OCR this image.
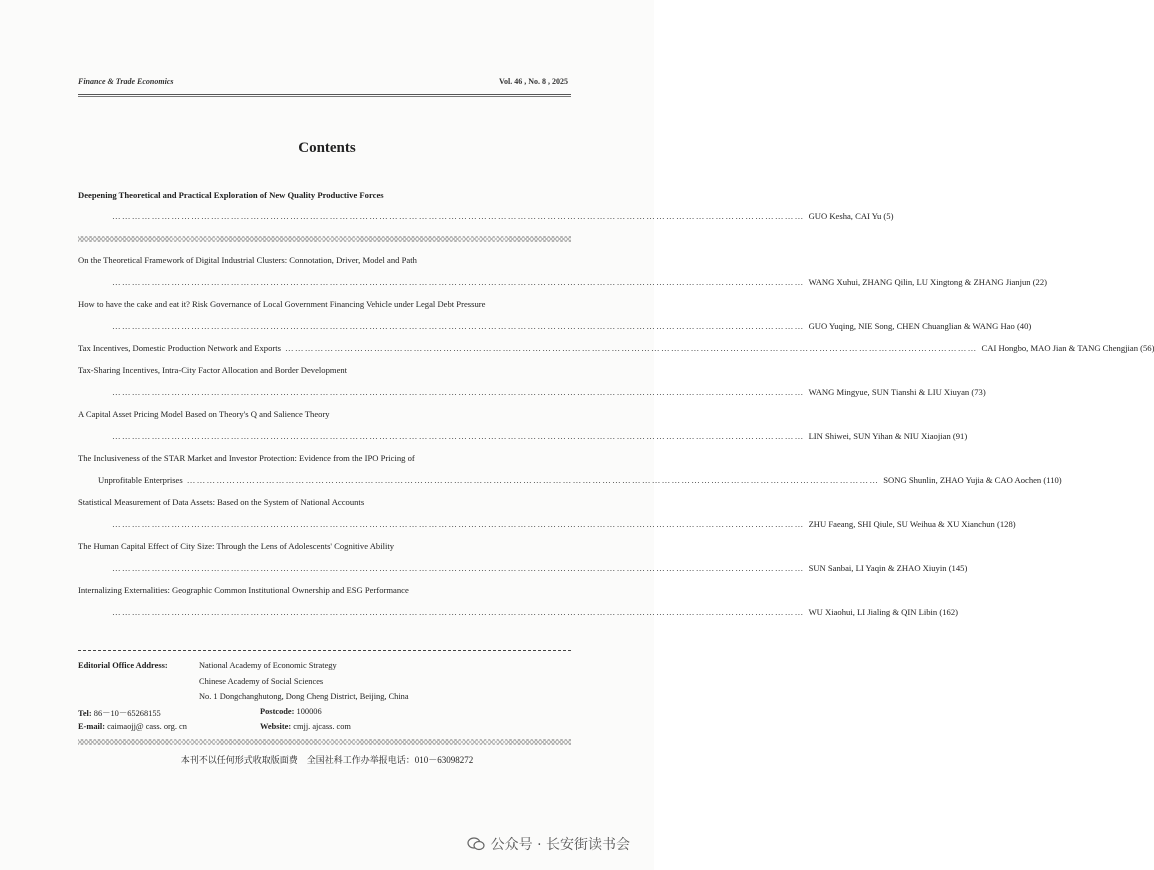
Finance & Trade Economics	Vol. 46 , No. 8 , 2025
Contents
Deepening Theoretical and Practical Exploration of New Quality Productive Forces
………………………………………………………………………………………………………………………………………………………………………………………… GUO Kesha, CAI Yu (5)
On the Theoretical Framework of Digital Industrial Clusters: Connotation, Driver, Model and Path
………………………………………………………………………………………………………………………………………………………………………………………… WANG Xuhui, ZHANG Qilin, LU Xingtong & ZHANG Jianjun (22)
How to have the cake and eat it? Risk Governance of Local Government Financing Vehicle under Legal Debt Pressure
………………………………………………………………………………………………………………………………………………………………………………………… GUO Yuqing, NIE Song, CHEN Chuanglian & WANG Hao (40)
Tax Incentives, Domestic Production Network and Exports ………………………………………………………………………………………………………………………………………………………………………………………… CAI Hongbo, MAO Jian & TANG Chengjian (56)
Tax-Sharing Incentives, Intra-City Factor Allocation and Border Development
………………………………………………………………………………………………………………………………………………………………………………………… WANG Mingyue, SUN Tianshi & LIU Xiuyan (73)
A Capital Asset Pricing Model Based on Theory's Q and Salience Theory
………………………………………………………………………………………………………………………………………………………………………………………… LIN Shiwei, SUN Yihan & NIU Xiaojian (91)
The Inclusiveness of the STAR Market and Investor Protection: Evidence from the IPO Pricing of
Unprofitable Enterprises ………………………………………………………………………………………………………………………………………………………………………………………… SONG Shunlin, ZHAO Yujia & CAO Aochen (110)
Statistical Measurement of Data Assets: Based on the System of National Accounts
………………………………………………………………………………………………………………………………………………………………………………………… ZHU Faeang, SHI Qiule, SU Weihua & XU Xianchun (128)
The Human Capital Effect of City Size: Through the Lens of Adolescents' Cognitive Ability
………………………………………………………………………………………………………………………………………………………………………………………… SUN Sanbai, LI Yaqin & ZHAO Xiuyin (145)
Internalizing Externalities: Geographic Common Institutional Ownership and ESG Performance
………………………………………………………………………………………………………………………………………………………………………………………… WU Xiaohui, LI Jialing & QIN Libin (162)
Editorial Office Address:	National Academy of Economic Strategy
Chinese Academy of Social Sciences
No. 1 Dongchanghutong, Dong Cheng District, Beijing, China
Tel: 86－10－65268155	Postcode: 100006
E-mail: caimaojj@ cass. org. cn	Website: cmjj. ajcass. com
本刊不以任何形式收取版面费　全国社科工作办举报电话：010－63098272
公众号 · 长安街读书会
